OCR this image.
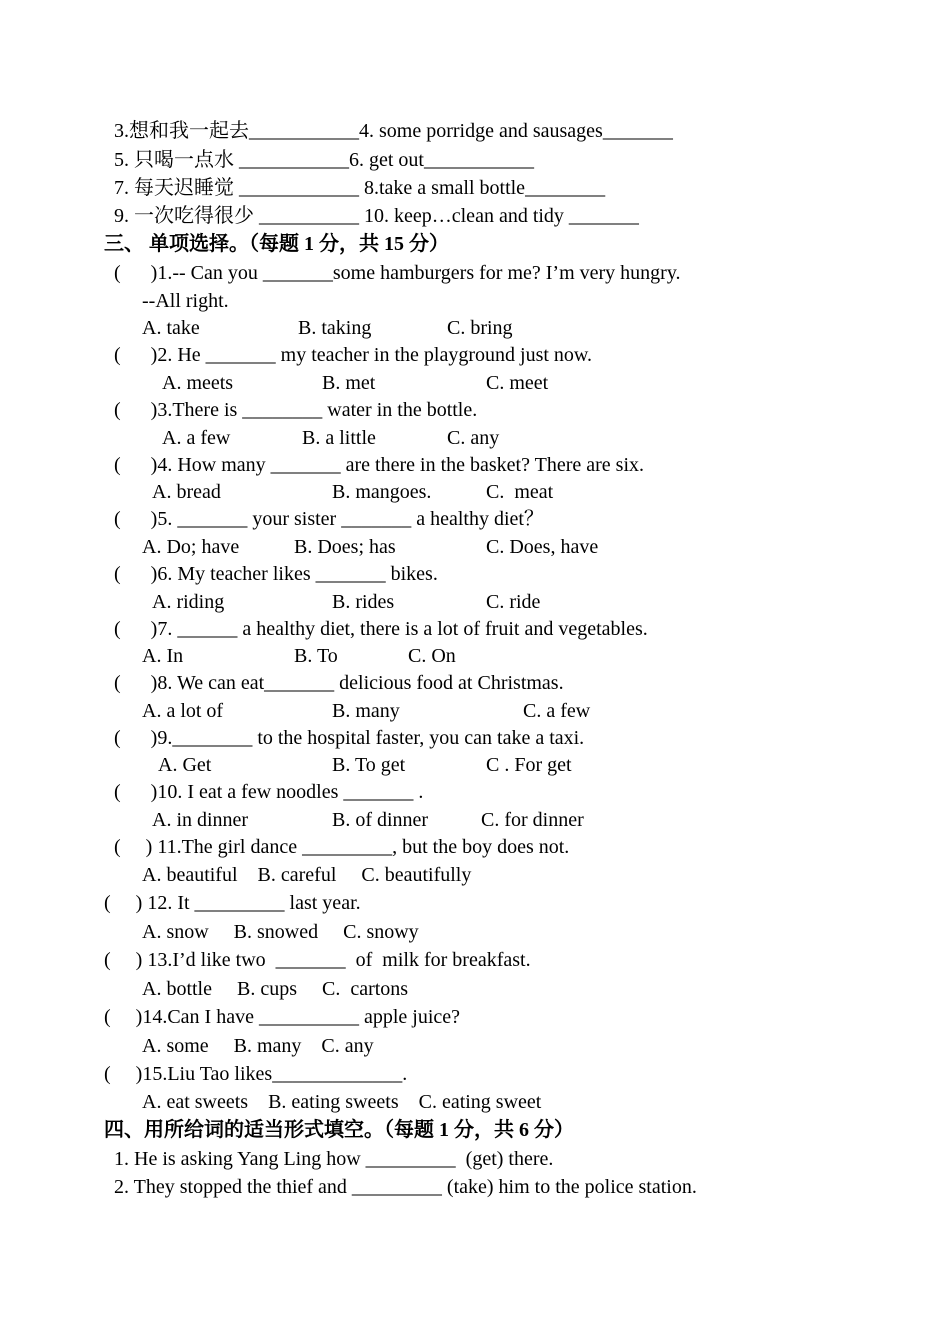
3.想和我一起去___________4. some porridge and sausages_______
5. 只喝一点水 ___________6. get out___________
7. 每天迟睡觉 ____________ 8.take a small bottle________
9. 一次吃得很少 __________ 10. keep…clean and tidy _______
三、 单项选择。（每题 1 分，共 15 分）
(      )1.-- Can you _______some hamburgers for me? I’m very hungry.
--All right.
A. take	B. taking	C. bring
(      )2. He _______ my teacher in the playground just now.
A. meets	B. met	C. meet
(      )3.There is ________ water in the bottle.
A. a few	B. a little	C. any
(      )4. How many _______ are there in the basket? There are six.
A. bread	B. mangoes.	C.  meat
(      )5. _______ your sister _______ a healthy diet？
A. Do; have	B. Does; has	C. Does, have
(      )6. My teacher likes _______ bikes.
A. riding	B. rides	C. ride
(      )7. ______ a healthy diet, there is a lot of fruit and vegetables.
A. In	B. To	C. On
(      )8. We can eat_______ delicious food at Christmas.
A. a lot of	B. many	C. a few
(      )9.________ to the hospital faster, you can take a taxi.
A. Get	B. To get	C . For get
(      )10. I eat a few noodles _______ .
A. in dinner	B. of dinner	C. for dinner
(     ) 11.The girl dance _________, but the boy does not.
A. beautiful    B. careful     C. beautifully
(     ) 12. It _________ last year.
A. snow     B. snowed     C. snowy
(     ) 13.I’d like two  _______  of  milk for breakfast.
A. bottle     B. cups     C.  cartons
(     )14.Can I have __________ apple juice?
A. some     B. many    C. any
(     )15.Liu Tao likes_____________.
A. eat sweets    B. eating sweets    C. eating sweet
四、用所给词的适当形式填空。（每题 1 分，共 6 分）
1. He is asking Yang Ling how _________  (get) there.
2. They stopped the thief and _________ (take) him to the police station.
